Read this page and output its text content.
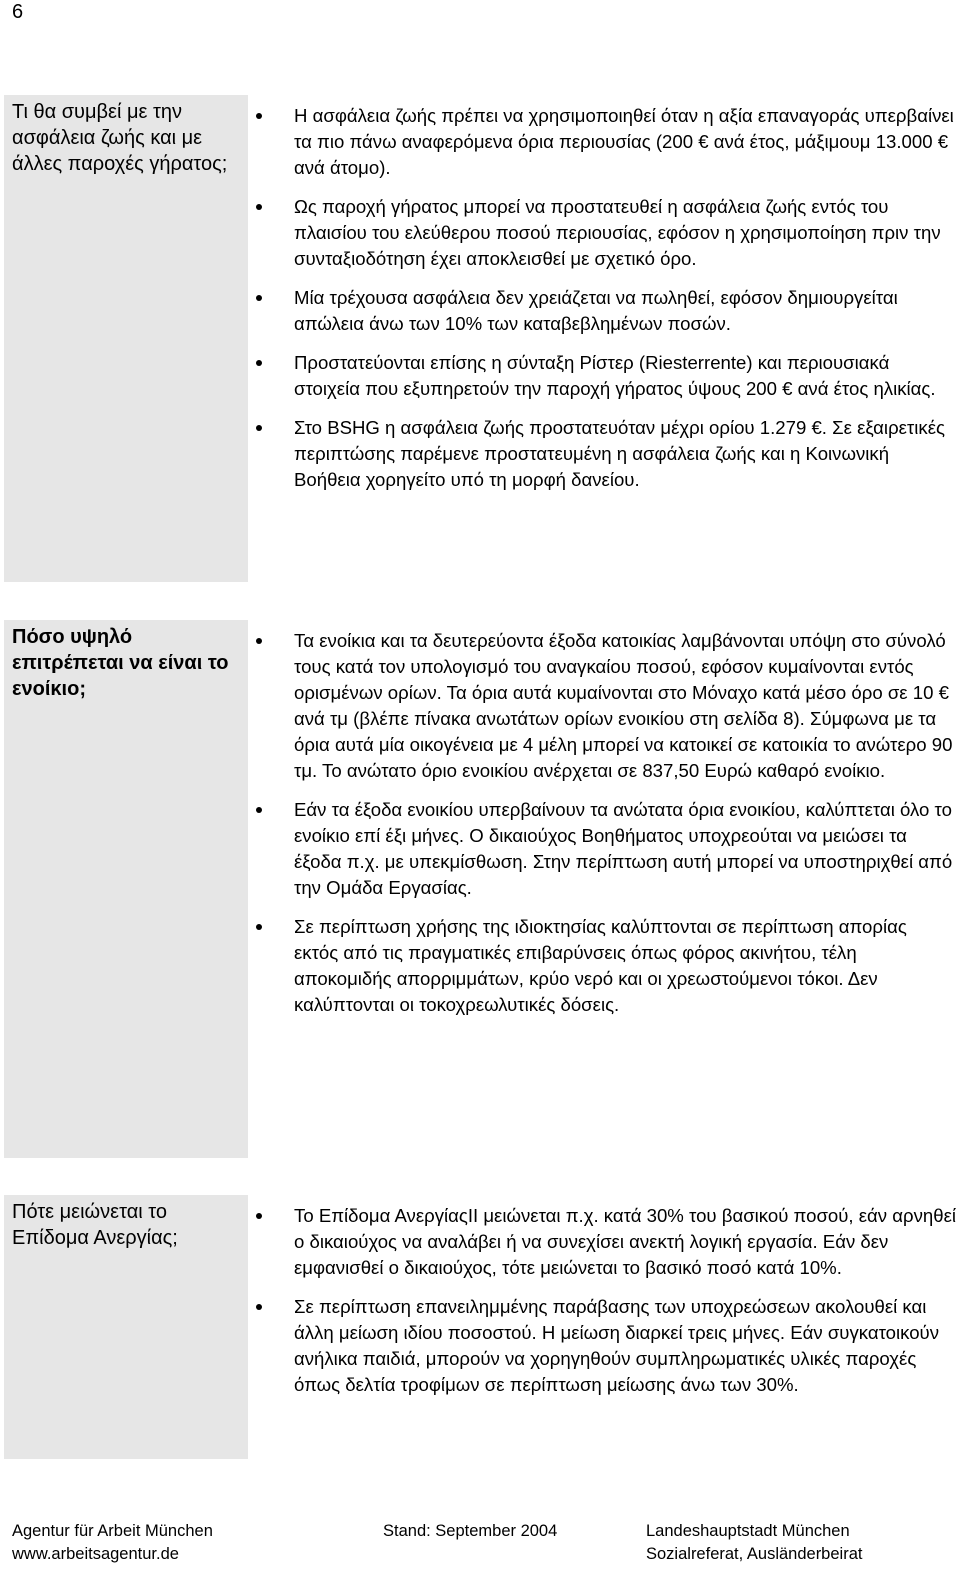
6

Τι θα συμβεί με την ασφάλεια ζωής και με άλλες παροχές γήρατος;

Η ασφάλεια ζωής πρέπει να χρησιμοποιηθεί όταν η αξία επαναγοράς υπερβαίνει τα πιο πάνω αναφερόμενα όρια περιουσίας (200 € ανά έτος, μάξιμουμ 13.000 € ανά άτομο).
Ως παροχή γήρατος μπορεί να προστατευθεί η ασφάλεια ζωής εντός του πλαισίου του ελεύθερου ποσού περιουσίας, εφόσον η χρησιμοποίηση πριν την συνταξιοδότηση έχει αποκλεισθεί με σχετικό όρο.
Μία τρέχουσα ασφάλεια δεν χρειάζεται να πωληθεί, εφόσον δημιουργείται απώλεια άνω των 10% των καταβεβλημένων ποσών.
Προστατεύονται επίσης η σύνταξη Ρίστερ (Riesterrente) και περιουσιακά στοιχεία που εξυπηρετούν την παροχή γήρατος ύψους 200 € ανά έτος ηλικίας.
Στο BSHG η ασφάλεια ζωής προστατευόταν μέχρι ορίου 1.279 €. Σε εξαιρετικές περιπτώσης παρέμενε προστατευμένη η ασφάλεια ζωής και η Κοινωνική Βοήθεια χορηγείτο υπό τη μορφή δανείου.

Πόσο υψηλό επιτρέπεται να είναι το ενοίκιο;

Τα ενοίκια και τα δευτερεύοντα έξοδα κατοικίας λαμβάνονται υπόψη στο σύνολό τους κατά τον υπολογισμό του αναγκαίου ποσού, εφόσον κυμαίνονται εντός ορισμένων ορίων. Τα όρια αυτά κυμαίνονται στο Μόναχο κατά μέσο όρο σε 10 € ανά τμ (βλέπε πίνακα ανωτάτων ορίων ενοικίου στη σελίδα 8). Σύμφωνα με τα όρια αυτά μία οικογένεια με 4 μέλη μπορεί να κατοικεί σε κατοικία το ανώτερο 90 τμ. Το ανώτατο όριο ενοικίου ανέρχεται σε 837,50 Ευρώ καθαρό ενοίκιο.
Εάν τα έξοδα ενοικίου υπερβαίνουν τα ανώτατα όρια ενοικίου, καλύπτεται όλο το ενοίκιο επί έξι μήνες. Ο δικαιούχος Βοηθήματος υποχρεούται να μειώσει τα έξοδα π.χ. με υπεκμίσθωση. Στην περίπτωση αυτή μπορεί να υποστηριχθεί από την Ομάδα Εργασίας.
Σε περίπτωση χρήσης της ιδιοκτησίας καλύπτονται σε περίπτωση απορίας εκτός από τις πραγματικές επιβαρύνσεις όπως φόρος ακινήτου, τέλη αποκομιδής απορριμμάτων, κρύο νερό και οι χρεωστούμενοι τόκοι. Δεν καλύπτονται οι τοκοχρεωλυτικές δόσεις.

Πότε μειώνεται το Επίδομα Ανεργίας;

Το Επίδομα ΑνεργίαςΙΙ μειώνεται π.χ. κατά 30% του βασικού ποσού, εάν αρνηθεί ο δικαιούχος να αναλάβει ή να συνεχίσει ανεκτή λογική εργασία. Εάν δεν εμφανισθεί ο δικαιούχος, τότε μειώνεται το βασικό ποσό κατά 10%.
Σε περίπτωση επανειλημμένης παράβασης των υποχρεώσεων ακολουθεί και άλλη μείωση ιδίου ποσοστού. Η μείωση διαρκεί τρεις μήνες. Εάν συγκατοικούν ανήλικα παιδιά, μπορούν να χορηγηθούν συμπληρωματικές υλικές παροχές όπως δελτία τροφίμων σε περίπτωση μείωσης άνω των 30%.
Agentur für Arbeit München
www.arbeitsagentur.de
Stand: September 2004	Landeshauptstadt München
Sozialreferat, Ausländerbeirat
